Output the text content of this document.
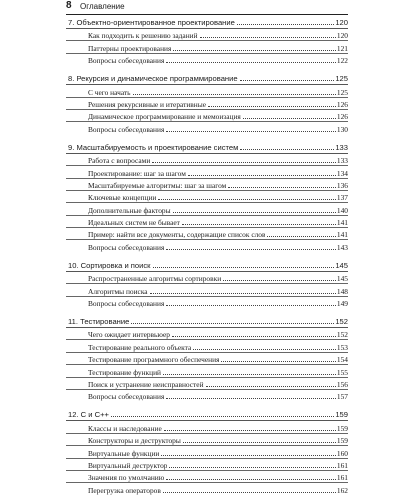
8 Оглавление
7. Объектно-ориентированное проектирование	120
Как подходить к решению заданий	120
Паттерны проектирования	121
Вопросы собеседования	122
8. Рекурсия и динамическое программирование	125
С чего начать	125
Решения рекурсивные и итеративные	126
Динамическое программирование и мемоизация	126
Вопросы собеседования	130
9. Масштабируемость и проектирование систем	133
Работа с вопросами	133
Проектирование: шаг за шагом	134
Масштабируемые алгоритмы: шаг за шагом	136
Ключевые концепции	137
Дополнительные факторы	140
Идеальных систем не бывает	141
Пример: найти все документы, содержащие список слов	141
Вопросы собеседования	143
10. Сортировка и поиск	145
Распространенные алгоритмы сортировки	145
Алгоритмы поиска	148
Вопросы собеседования	149
11. Тестирование	152
Чего ожидает интервьюер	152
Тестирование реального объекта	153
Тестирование программного обеспечения	154
Тестирование функций	155
Поиск и устранение неисправностей	156
Вопросы собеседования	157
12. C и C++	159
Классы и наследование	159
Конструкторы и деструкторы	159
Виртуальные функции	160
Виртуальный деструктор	161
Значения по умолчанию	161
Перегрузка операторов	162
